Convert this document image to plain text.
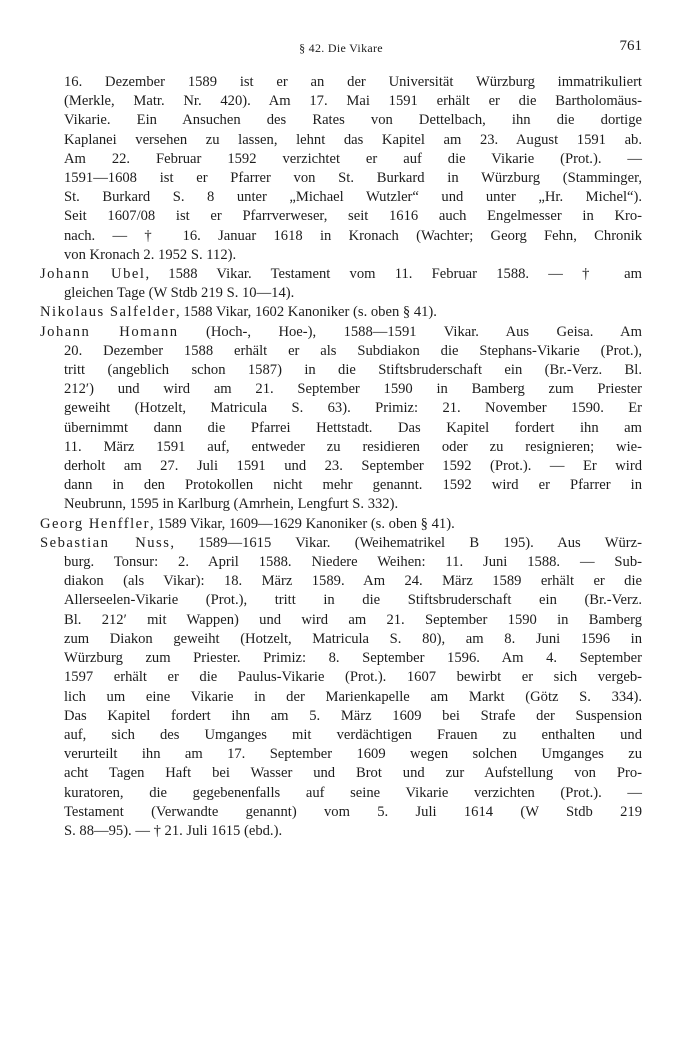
§ 42. Die Vikare	761
16. Dezember 1589 ist er an der Universität Würzburg immatrikuliert
(Merkle, Matr. Nr. 420). Am 17. Mai 1591 erhält er die Bartholomäus-
Vikarie. Ein Ansuchen des Rates von Dettelbach, ihn die dortige
Kaplanei versehen zu lassen, lehnt das Kapitel am 23. August 1591 ab.
Am 22. Februar 1592 verzichtet er auf die Vikarie (Prot.). —
1591—1608 ist er Pfarrer von St. Burkard in Würzburg (Stamminger,
St. Burkard S. 8 unter „Michael Wutzler“ und unter „Hr. Michel“).
Seit 1607/08 ist er Pfarrverweser, seit 1616 auch Engelmesser in Kro-
nach. — † 16. Januar 1618 in Kronach (Wachter; Georg Fehn, Chronik
von Kronach 2. 1952 S. 112).
Johann Ubel, 1588 Vikar. Testament vom 11. Februar 1588. — † am
gleichen Tage (W Stdb 219 S. 10—14).
Nikolaus Salfelder, 1588 Vikar, 1602 Kanoniker (s. oben § 41).
Johann Homann (Hoch-, Hoe-), 1588—1591 Vikar. Aus Geisa. Am
20. Dezember 1588 erhält er als Subdiakon die Stephans-Vikarie (Prot.),
tritt (angeblich schon 1587) in die Stiftsbruderschaft ein (Br.-Verz. Bl.
212′) und wird am 21. September 1590 in Bamberg zum Priester
geweiht (Hotzelt, Matricula S. 63). Primiz: 21. November 1590. Er
übernimmt dann die Pfarrei Hettstadt. Das Kapitel fordert ihn am
11. März 1591 auf, entweder zu residieren oder zu resignieren; wie-
derholt am 27. Juli 1591 und 23. September 1592 (Prot.). — Er wird
dann in den Protokollen nicht mehr genannt. 1592 wird er Pfarrer in
Neubrunn, 1595 in Karlburg (Amrhein, Lengfurt S. 332).
Georg Henffler, 1589 Vikar, 1609—1629 Kanoniker (s. oben § 41).
Sebastian Nuss, 1589—1615 Vikar. (Weihematrikel B 195). Aus Würz-
burg. Tonsur: 2. April 1588. Niedere Weihen: 11. Juni 1588. — Sub-
diakon (als Vikar): 18. März 1589. Am 24. März 1589 erhält er die
Allerseelen-Vikarie (Prot.), tritt in die Stiftsbruderschaft ein (Br.-Verz.
Bl. 212′ mit Wappen) und wird am 21. September 1590 in Bamberg
zum Diakon geweiht (Hotzelt, Matricula S. 80), am 8. Juni 1596 in
Würzburg zum Priester. Primiz: 8. September 1596. Am 4. September
1597 erhält er die Paulus-Vikarie (Prot.). 1607 bewirbt er sich vergeb-
lich um eine Vikarie in der Marienkapelle am Markt (Götz S. 334).
Das Kapitel fordert ihn am 5. März 1609 bei Strafe der Suspension
auf, sich des Umganges mit verdächtigen Frauen zu enthalten und
verurteilt ihn am 17. September 1609 wegen solchen Umganges zu
acht Tagen Haft bei Wasser und Brot und zur Aufstellung von Pro-
kuratoren, die gegebenenfalls auf seine Vikarie verzichten (Prot.). —
Testament (Verwandte genannt) vom 5. Juli 1614 (W Stdb 219
S. 88—95). — † 21. Juli 1615 (ebd.).
